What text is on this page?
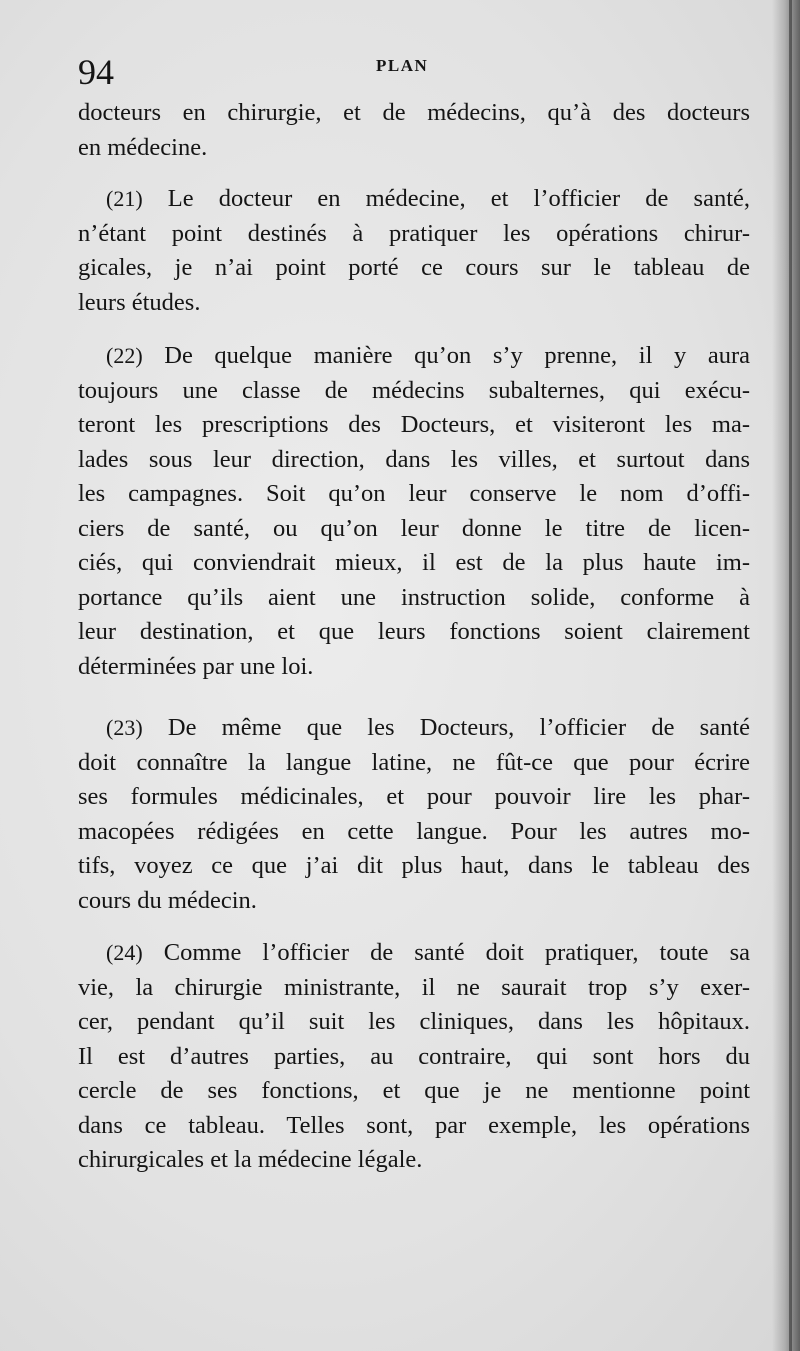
94	PLAN
docteurs en chirurgie, et de médecins, qu’à des docteurs
en médecine.
(21) Le docteur en médecine, et l’officier de santé,
n’étant point destinés à pratiquer les opérations chirur-
gicales, je n’ai point porté ce cours sur le tableau de
leurs études.
(22) De quelque manière qu’on s’y prenne, il y aura
toujours une classe de médecins subalternes, qui exécu-
teront les prescriptions des Docteurs, et visiteront les ma-
lades sous leur direction, dans les villes, et surtout dans
les campagnes. Soit qu’on leur conserve le nom d’offi-
ciers de santé, ou qu’on leur donne le titre de licen-
ciés, qui conviendrait mieux, il est de la plus haute im-
portance qu’ils aient une instruction solide, conforme à
leur destination, et que leurs fonctions soient clairement
déterminées par une loi.
(23) De même que les Docteurs, l’officier de santé
doit connaître la langue latine, ne fût-ce que pour écrire
ses formules médicinales, et pour pouvoir lire les phar-
macopées rédigées en cette langue. Pour les autres mo-
tifs, voyez ce que j’ai dit plus haut, dans le tableau des
cours du médecin.
(24) Comme l’officier de santé doit pratiquer, toute sa
vie, la chirurgie ministrante, il ne saurait trop s’y exer-
cer, pendant qu’il suit les cliniques, dans les hôpitaux.
Il est d’autres parties, au contraire, qui sont hors du
cercle de ses fonctions, et que je ne mentionne point
dans ce tableau. Telles sont, par exemple, les opérations
chirurgicales et la médecine légale.
